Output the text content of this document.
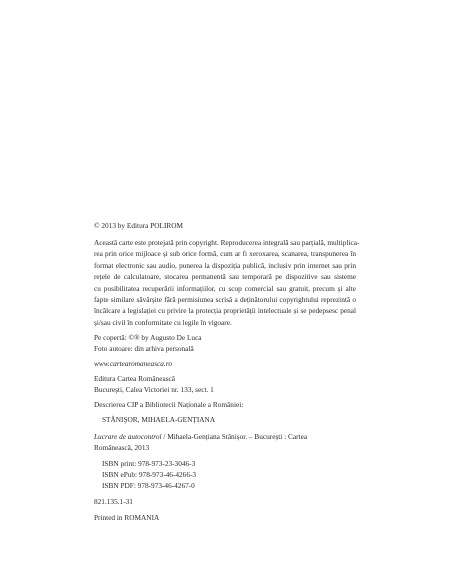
© 2013 by Editura POLIROM
Această carte este protejată prin copyright. Reproducerea integrală sau parțială, multiplica-
rea prin orice mijloace și sub orice formă, cum ar fi xeroxarea, scanarea, transpunerea în
format electronic sau audio, punerea la dispoziția publică, inclusiv prin internet sau prin
rețele de calculatoare, stocarea permanentă sau temporară pe dispozitive sau sisteme
cu posibilitatea recuperării informațiilor, cu scop comercial sau gratuit, precum și alte
fapte similare săvârșite fără permisiunea scrisă a deținătorului copyrightului reprezintă o
încălcare a legislației cu privire la protecția proprietății intelectuale și se pedepsesc penal
și/sau civil în conformitate cu legile în vigoare.
Pe copertă: ©® by Augusto De Luca
Foto autoare: din arhiva personală
www.cartearomaneasca.ro
Editura Cartea Românească
București, Calea Victoriei nr. 133, sect. 1
Descrierea CIP a Bibliotecii Naționale a României:
STĂNIȘOR, MIHAELA-GENȚIANA
Lucrare de autocontrol / Mihaela-Gențiana Stănișor. – București : Cartea
Românească, 2013
ISBN print: 978-973-23-3046-3
ISBN ePub: 978-973-46-4266-3
ISBN PDF: 978-973-46-4267-0
821.135.1-31
Printed in ROMANIA
